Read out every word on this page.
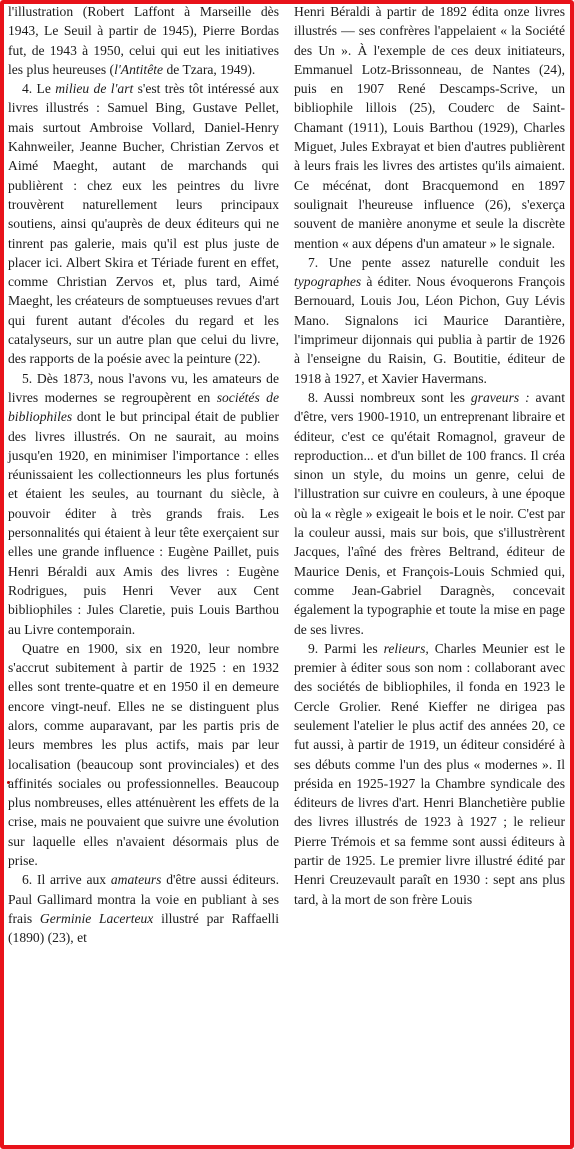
l'illustration (Robert Laffont à Marseille dès 1943, Le Seuil à partir de 1945), Pierre Bordas fut, de 1943 à 1950, celui qui eut les initiatives les plus heureuses (l'Antitête de Tzara, 1949).

4. Le milieu de l'art s'est très tôt intéressé aux livres illustrés : Samuel Bing, Gustave Pellet, mais surtout Ambroise Vollard, Daniel-Henry Kahnweiler, Jeanne Bucher, Christian Zervos et Aimé Maeght, autant de marchands qui publièrent : chez eux les peintres du livre trouvèrent naturellement leurs principaux soutiens, ainsi qu'auprès de deux éditeurs qui ne tinrent pas galerie, mais qu'il est plus juste de placer ici. Albert Skira et Tériade furent en effet, comme Christian Zervos et, plus tard, Aimé Maeght, les créateurs de somptueuses revues d'art qui furent autant d'écoles du regard et les catalyseurs, sur un autre plan que celui du livre, des rapports de la poésie avec la peinture (22).

5. Dès 1873, nous l'avons vu, les amateurs de livres modernes se regroupèrent en sociétés de bibliophiles dont le but principal était de publier des livres illustrés. On ne saurait, au moins jusqu'en 1920, en minimiser l'importance : elles réunissaient les collectionneurs les plus fortunés et étaient les seules, au tournant du siècle, à pouvoir éditer à très grands frais. Les personnalités qui étaient à leur tête exerçaient sur elles une grande influence : Eugène Paillet, puis Henri Béraldi aux Amis des livres : Eugène Rodrigues, puis Henri Vever aux Cent bibliophiles : Jules Claretie, puis Louis Barthou au Livre contemporain.

Quatre en 1900, six en 1920, leur nombre s'accrut subitement à partir de 1925 : en 1932 elles sont trente-quatre et en 1950 il en demeure encore vingt-neuf. Elles ne se distinguent plus alors, comme auparavant, par les partis pris de leurs membres les plus actifs, mais par leur localisation (beaucoup sont provinciales) et des affinités sociales ou professionnelles. Beaucoup plus nombreuses, elles atténuèrent les effets de la crise, mais ne pouvaient que suivre une évolution sur laquelle elles n'avaient désormais plus de prise.

6. Il arrive aux amateurs d'être aussi éditeurs. Paul Gallimard montra la voie en publiant à ses frais Germinie Lacerteux illustré par Raffaelli (1890) (23), et

Henri Béraldi à partir de 1892 édita onze livres illustrés — ses confrères l'appelaient « la Société des Un ». À l'exemple de ces deux initiateurs, Emmanuel Lotz-Brissonneau, de Nantes (24), puis en 1907 René Descamps-Scrive, un bibliophile lillois (25), Couderc de Saint-Chamant (1911), Louis Barthou (1929), Charles Miguet, Jules Exbrayat et bien d'autres publièrent à leurs frais les livres des artistes qu'ils aimaient. Ce mécénat, dont Bracquemond en 1897 soulignait l'heureuse influence (26), s'exerça souvent de manière anonyme et seule la discrète mention « aux dépens d'un amateur » le signale.

7. Une pente assez naturelle conduit les typographes à éditer. Nous évoquerons François Bernouard, Louis Jou, Léon Pichon, Guy Lévis Mano. Signalons ici Maurice Darantière, l'imprimeur dijonnais qui publia à partir de 1926 à l'enseigne du Raisin, G. Boutitie, éditeur de 1918 à 1927, et Xavier Havermans.

8. Aussi nombreux sont les graveurs : avant d'être, vers 1900-1910, un entreprenant libraire et éditeur, c'est ce qu'était Romagnol, graveur de reproduction... et d'un billet de 100 francs. Il créa sinon un style, du moins un genre, celui de l'illustration sur cuivre en couleurs, à une époque où la « règle » exigeait le bois et le noir. C'est par la couleur aussi, mais sur bois, que s'illustrèrent Jacques, l'aîné des frères Beltrand, éditeur de Maurice Denis, et François-Louis Schmied qui, comme Jean-Gabriel Daragnès, concevait également la typographie et toute la mise en page de ses livres.

9. Parmi les relieurs, Charles Meunier est le premier à éditer sous son nom : collaborant avec des sociétés de bibliophiles, il fonda en 1923 le Cercle Grolier. René Kieffer ne dirigea pas seulement l'atelier le plus actif des années 20, ce fut aussi, à partir de 1919, un éditeur considéré à ses débuts comme l'un des plus « modernes ». Il présida en 1925-1927 la Chambre syndicale des éditeurs de livres d'art. Henri Blanchetière publie des livres illustrés de 1923 à 1927 ; le relieur Pierre Trémois et sa femme sont aussi éditeurs à partir de 1925. Le premier livre illustré édité par Henri Creuzevault paraît en 1930 : sept ans plus tard, à la mort de son frère Louis
